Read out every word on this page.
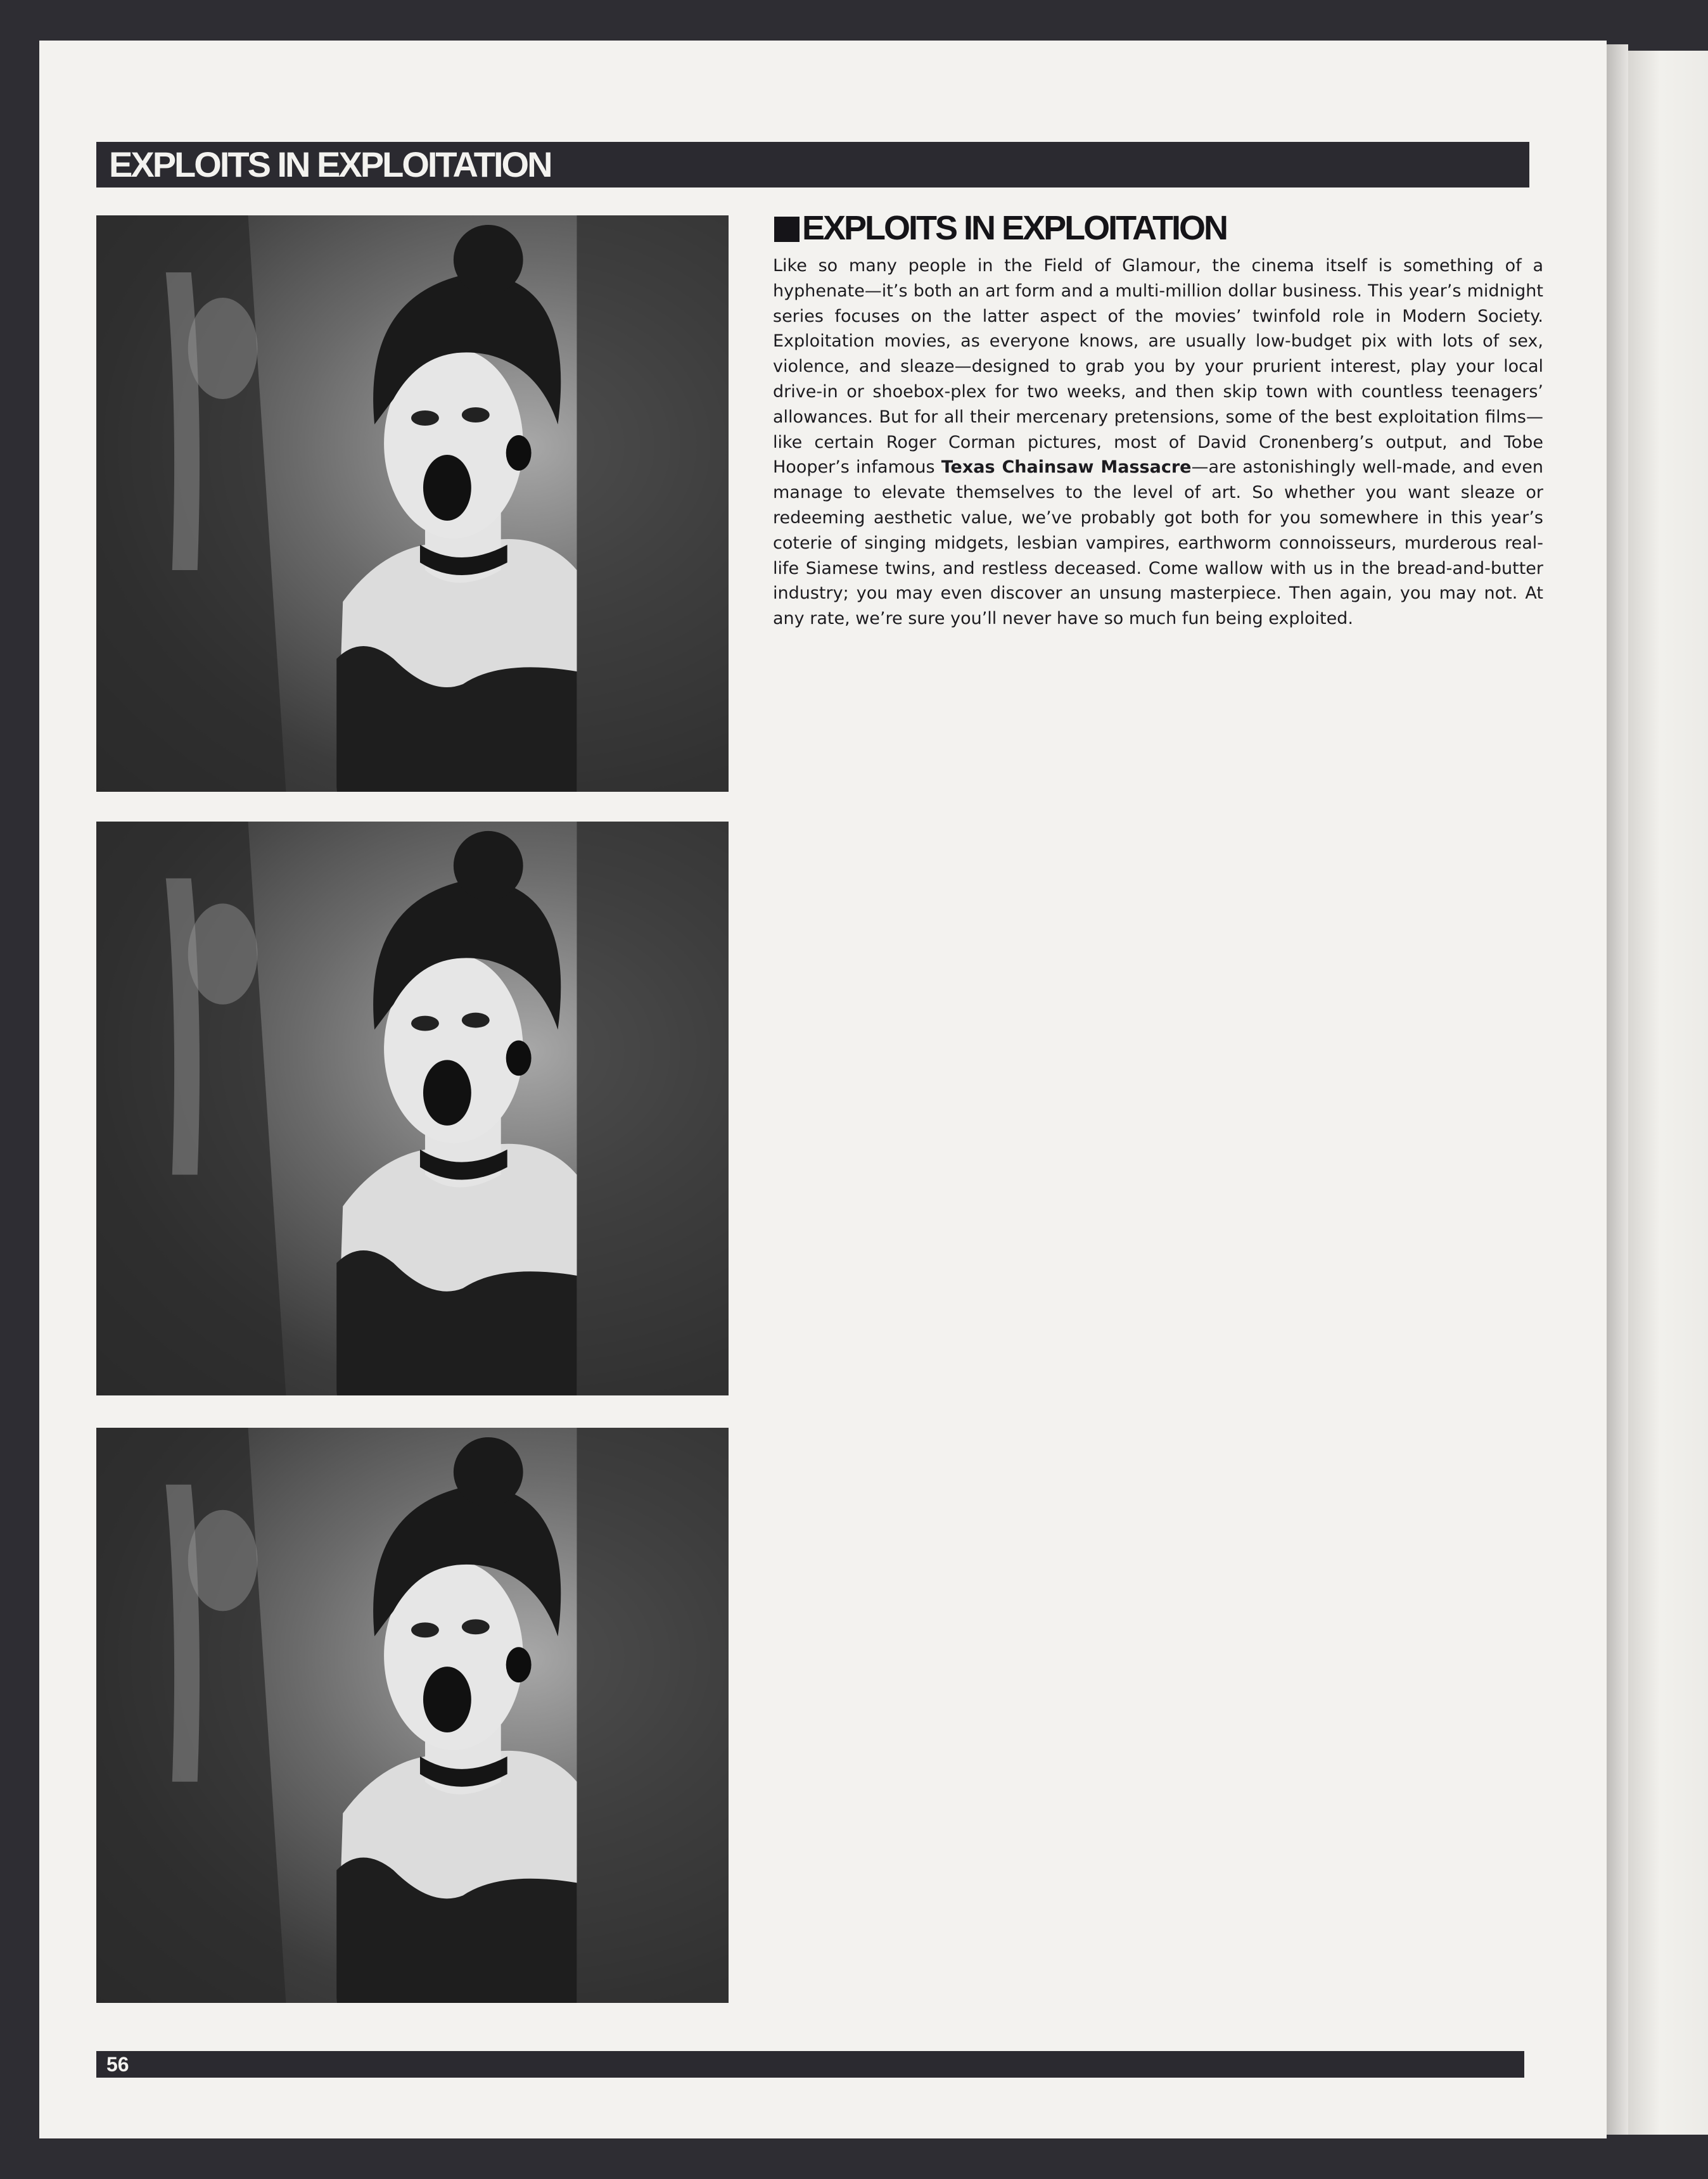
EXPLOITS IN EXPLOITATION
EXPLOITS IN EXPLOITATION

Like so many people in the Field of Glamour, the cinema itself is something of a hyphenate—it’s both an art form and a multi-million dollar business. This year’s midnight series focuses on the latter aspect of the movies’ twinfold role in Modern Society. Exploitation movies, as everyone knows, are usually low-budget pix with lots of sex, violence, and sleaze—designed to grab you by your prurient interest, play your local drive-in or shoebox-plex for two weeks, and then skip town with countless teenagers’ allowances. But for all their mercenary pretensions, some of the best exploitation films—like certain Roger Corman pictures, most of David Cronenberg’s output, and Tobe Hooper’s infamous Texas Chainsaw Massacre—are astonishingly well-made, and even manage to elevate themselves to the level of art. So whether you want sleaze or redeeming aesthetic value, we’ve probably got both for you somewhere in this year’s coterie of singing midgets, lesbian vampires, earthworm connoisseurs, murderous real-life Siamese twins, and restless deceased. Come wallow with us in the bread-and-butter industry; you may even discover an unsung masterpiece. Then again, you may not. At any rate, we’re sure you’ll never have so much fun being exploited.

56
